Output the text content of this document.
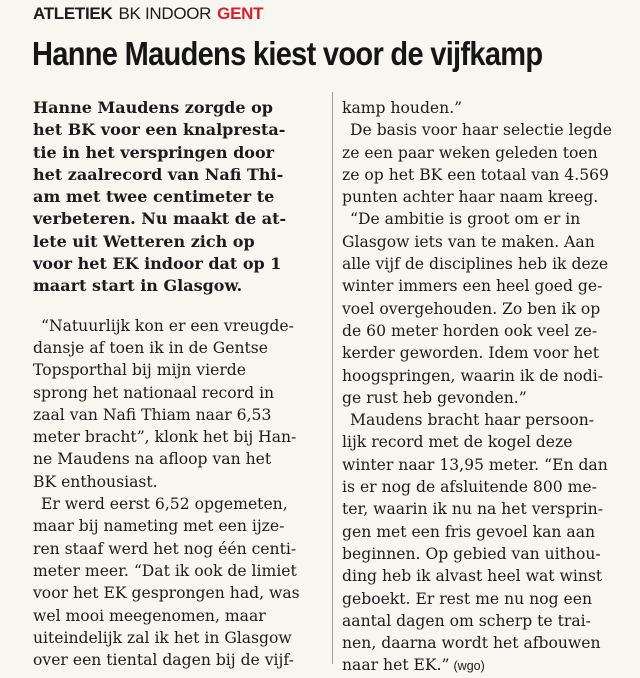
ATLETIEK BK INDOOR GENT
Hanne Maudens kiest voor de vijfkamp
Hanne Maudens zorgde op
het BK voor een knalpresta-
tie in het verspringen door
het zaalrecord van Nafi Thi-
am met twee centimeter te
verbeteren. Nu maakt de at-
lete uit Wetteren zich op
voor het EK indoor dat op 1
maart start in Glasgow.
“Natuurlijk kon er een vreugde-
dansje af toen ik in de Gentse
Topsporthal bij mijn vierde
sprong het nationaal record in
zaal van Nafi Thiam naar 6,53
meter bracht”, klonk het bij Han-
ne Maudens na afloop van het
BK enthousiast.
Er werd eerst 6,52 opgemeten,
maar bij nameting met een ijze-
ren staaf werd het nog één centi-
meter meer. “Dat ik ook de limiet
voor het EK gesprongen had, was
wel mooi meegenomen, maar
uiteindelijk zal ik het in Glasgow
over een tiental dagen bij de vijf-
kamp houden.”
De basis voor haar selectie legde
ze een paar weken geleden toen
ze op het BK een totaal van 4.569
punten achter haar naam kreeg.
“De ambitie is groot om er in
Glasgow iets van te maken. Aan
alle vijf de disciplines heb ik deze
winter immers een heel goed ge-
voel overgehouden. Zo ben ik op
de 60 meter horden ook veel ze-
kerder geworden. Idem voor het
hoogspringen, waarin ik de nodi-
ge rust heb gevonden.”
Maudens bracht haar persoon-
lijk record met de kogel deze
winter naar 13,95 meter. “En dan
is er nog de afsluitende 800 me-
ter, waarin ik nu na het versprin-
gen met een fris gevoel kan aan
beginnen. Op gebied van uithou-
ding heb ik alvast heel wat winst
geboekt. Er rest me nu nog een
aantal dagen om scherp te trai-
nen, daarna wordt het afbouwen
naar het EK.” (wgo)
